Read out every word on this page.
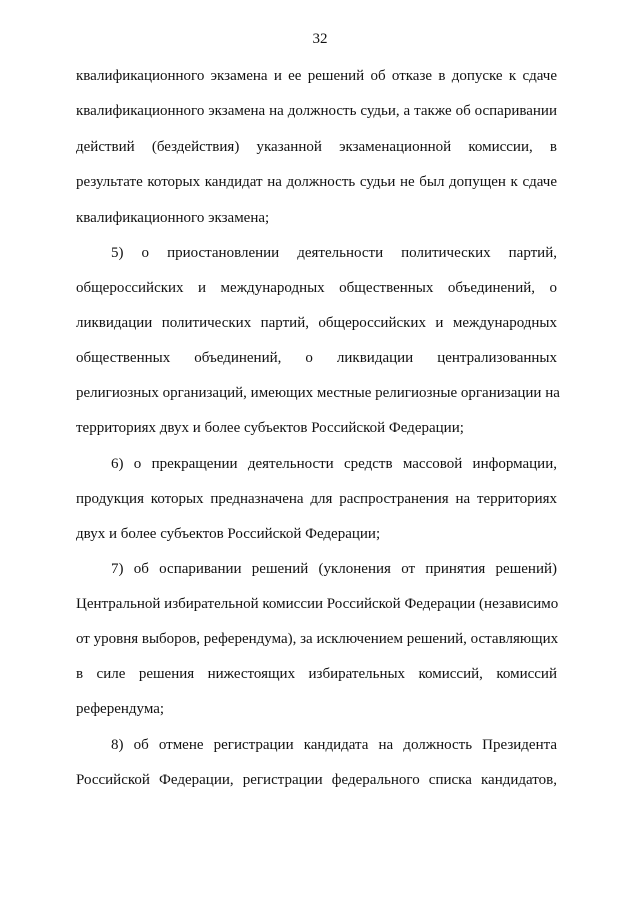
32
квалификационного экзамена и ее решений об отказе в допуске к сдаче
квалификационного экзамена на должность судьи, а также об оспаривании
действий (бездействия) указанной экзаменационной комиссии, в
результате которых кандидат на должность судьи не был допущен к сдаче
квалификационного экзамена;
5) о приостановлении деятельности политических партий,
общероссийских и международных общественных объединений, о
ликвидации политических партий, общероссийских и международных
общественных объединений, о ликвидации централизованных
религиозных организаций, имеющих местные религиозные организации на
территориях двух и более субъектов Российской Федерации;
6) о прекращении деятельности средств массовой информации,
продукция которых предназначена для распространения на территориях
двух и более субъектов Российской Федерации;
7) об оспаривании решений (уклонения от принятия решений)
Центральной избирательной комиссии Российской Федерации (независимо
от уровня выборов, референдума), за исключением решений, оставляющих
в силе решения нижестоящих избирательных комиссий, комиссий
референдума;
8) об отмене регистрации кандидата на должность Президента
Российской Федерации, регистрации федерального списка кандидатов,
